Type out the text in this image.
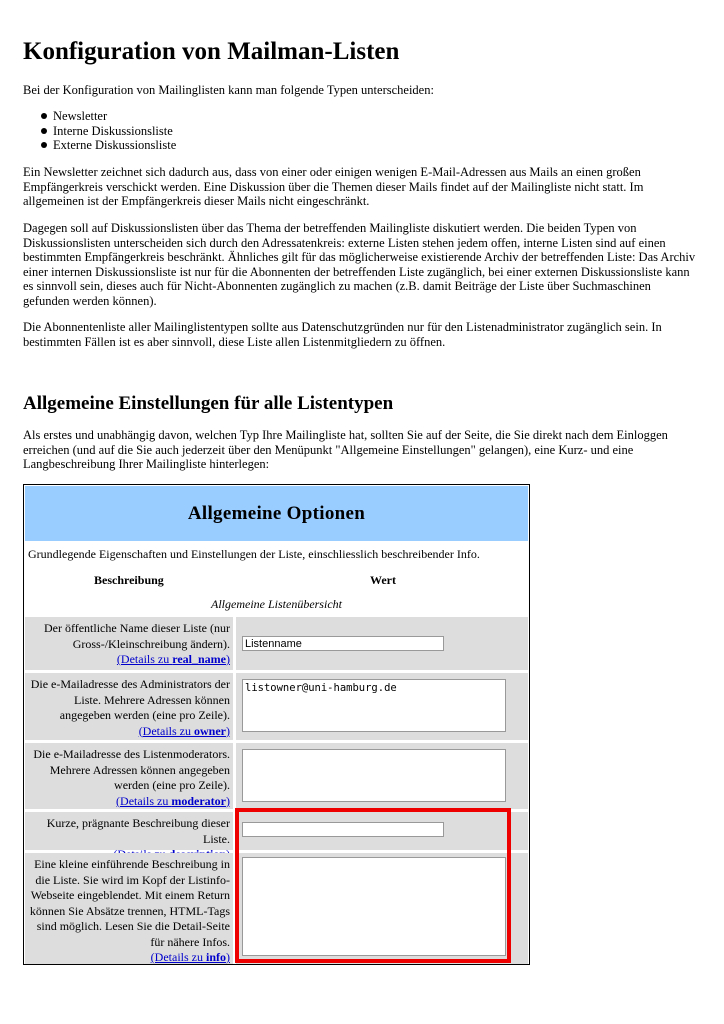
Konfiguration von Mailman-Listen

Bei der Konfiguration von Mailinglisten kann man folgende Typen unterscheiden:

Newsletter
Interne Diskussionsliste
Externe Diskussionsliste

Ein Newsletter zeichnet sich dadurch aus, dass von einer oder einigen wenigen E-Mail-Adressen aus Mails an einen großen Empfängerkreis verschickt werden. Eine Diskussion über die Themen dieser Mails findet auf der Mailingliste nicht statt. Im allgemeinen ist der Empfängerkreis dieser Mails nicht eingeschränkt.

Dagegen soll auf Diskussionslisten über das Thema der betreffenden Mailingliste diskutiert werden. Die beiden Typen von Diskussionslisten unterscheiden sich durch den Adressatenkreis: externe Listen stehen jedem offen, interne Listen sind auf einen bestimmten Empfängerkreis beschränkt. Ähnliches gilt für das möglicherweise existierende Archiv der betreffenden Liste: Das Archiv einer internen Diskussionsliste ist nur für die Abonnenten der betreffenden Liste zugänglich, bei einer externen Diskussionsliste kann es sinnvoll sein, dieses auch für Nicht-Abonnenten zugänglich zu machen (z.B. damit Beiträge der Liste über Suchmaschinen gefunden werden können).

Die Abonnentenliste aller Mailinglistentypen sollte aus Datenschutzgründen nur für den Listenadministrator zugänglich sein. In bestimmten Fällen ist es aber sinnvoll, diese Liste allen Listenmitgliedern zu öffnen.

Allgemeine Einstellungen für alle Listentypen

Als erstes und unabhängig davon, welchen Typ Ihre Mailingliste hat, sollten Sie auf der Seite, die Sie direkt nach dem Einloggen erreichen (und auf die Sie auch jederzeit über den Menüpunkt "Allgemeine Einstellungen" gelangen), eine Kurz- und eine Langbeschreibung Ihrer Mailingliste hinterlegen:

Allgemeine Optionen
Grundlegende Eigenschaften und Einstellungen der Liste, einschliesslich beschreibender Info.
Beschreibung	Wert
Allgemeine Listenübersicht
Der öffentliche Name dieser Liste (nur Gross-/Kleinschreibung ändern).
(Details zu real_name)
Listenname
Die e-Mailadresse des Administrators der Liste. Mehrere Adressen können angegeben werden (eine pro Zeile).
(Details zu owner)
listowner@uni-hamburg.de
Die e-Mailadresse des Listenmoderators. Mehrere Adressen können angegeben werden (eine pro Zeile).
(Details zu moderator)
Kurze, prägnante Beschreibung dieser Liste.

Eine kleine einführende Beschreibung in die Liste. Sie wird im Kopf der Listinfo-Webseite eingeblendet. Mit einem Return können Sie Absätze trennen, HTML-Tags sind möglich. Lesen Sie die Detail-Seite für nähere Infos.
(Details zu info)
